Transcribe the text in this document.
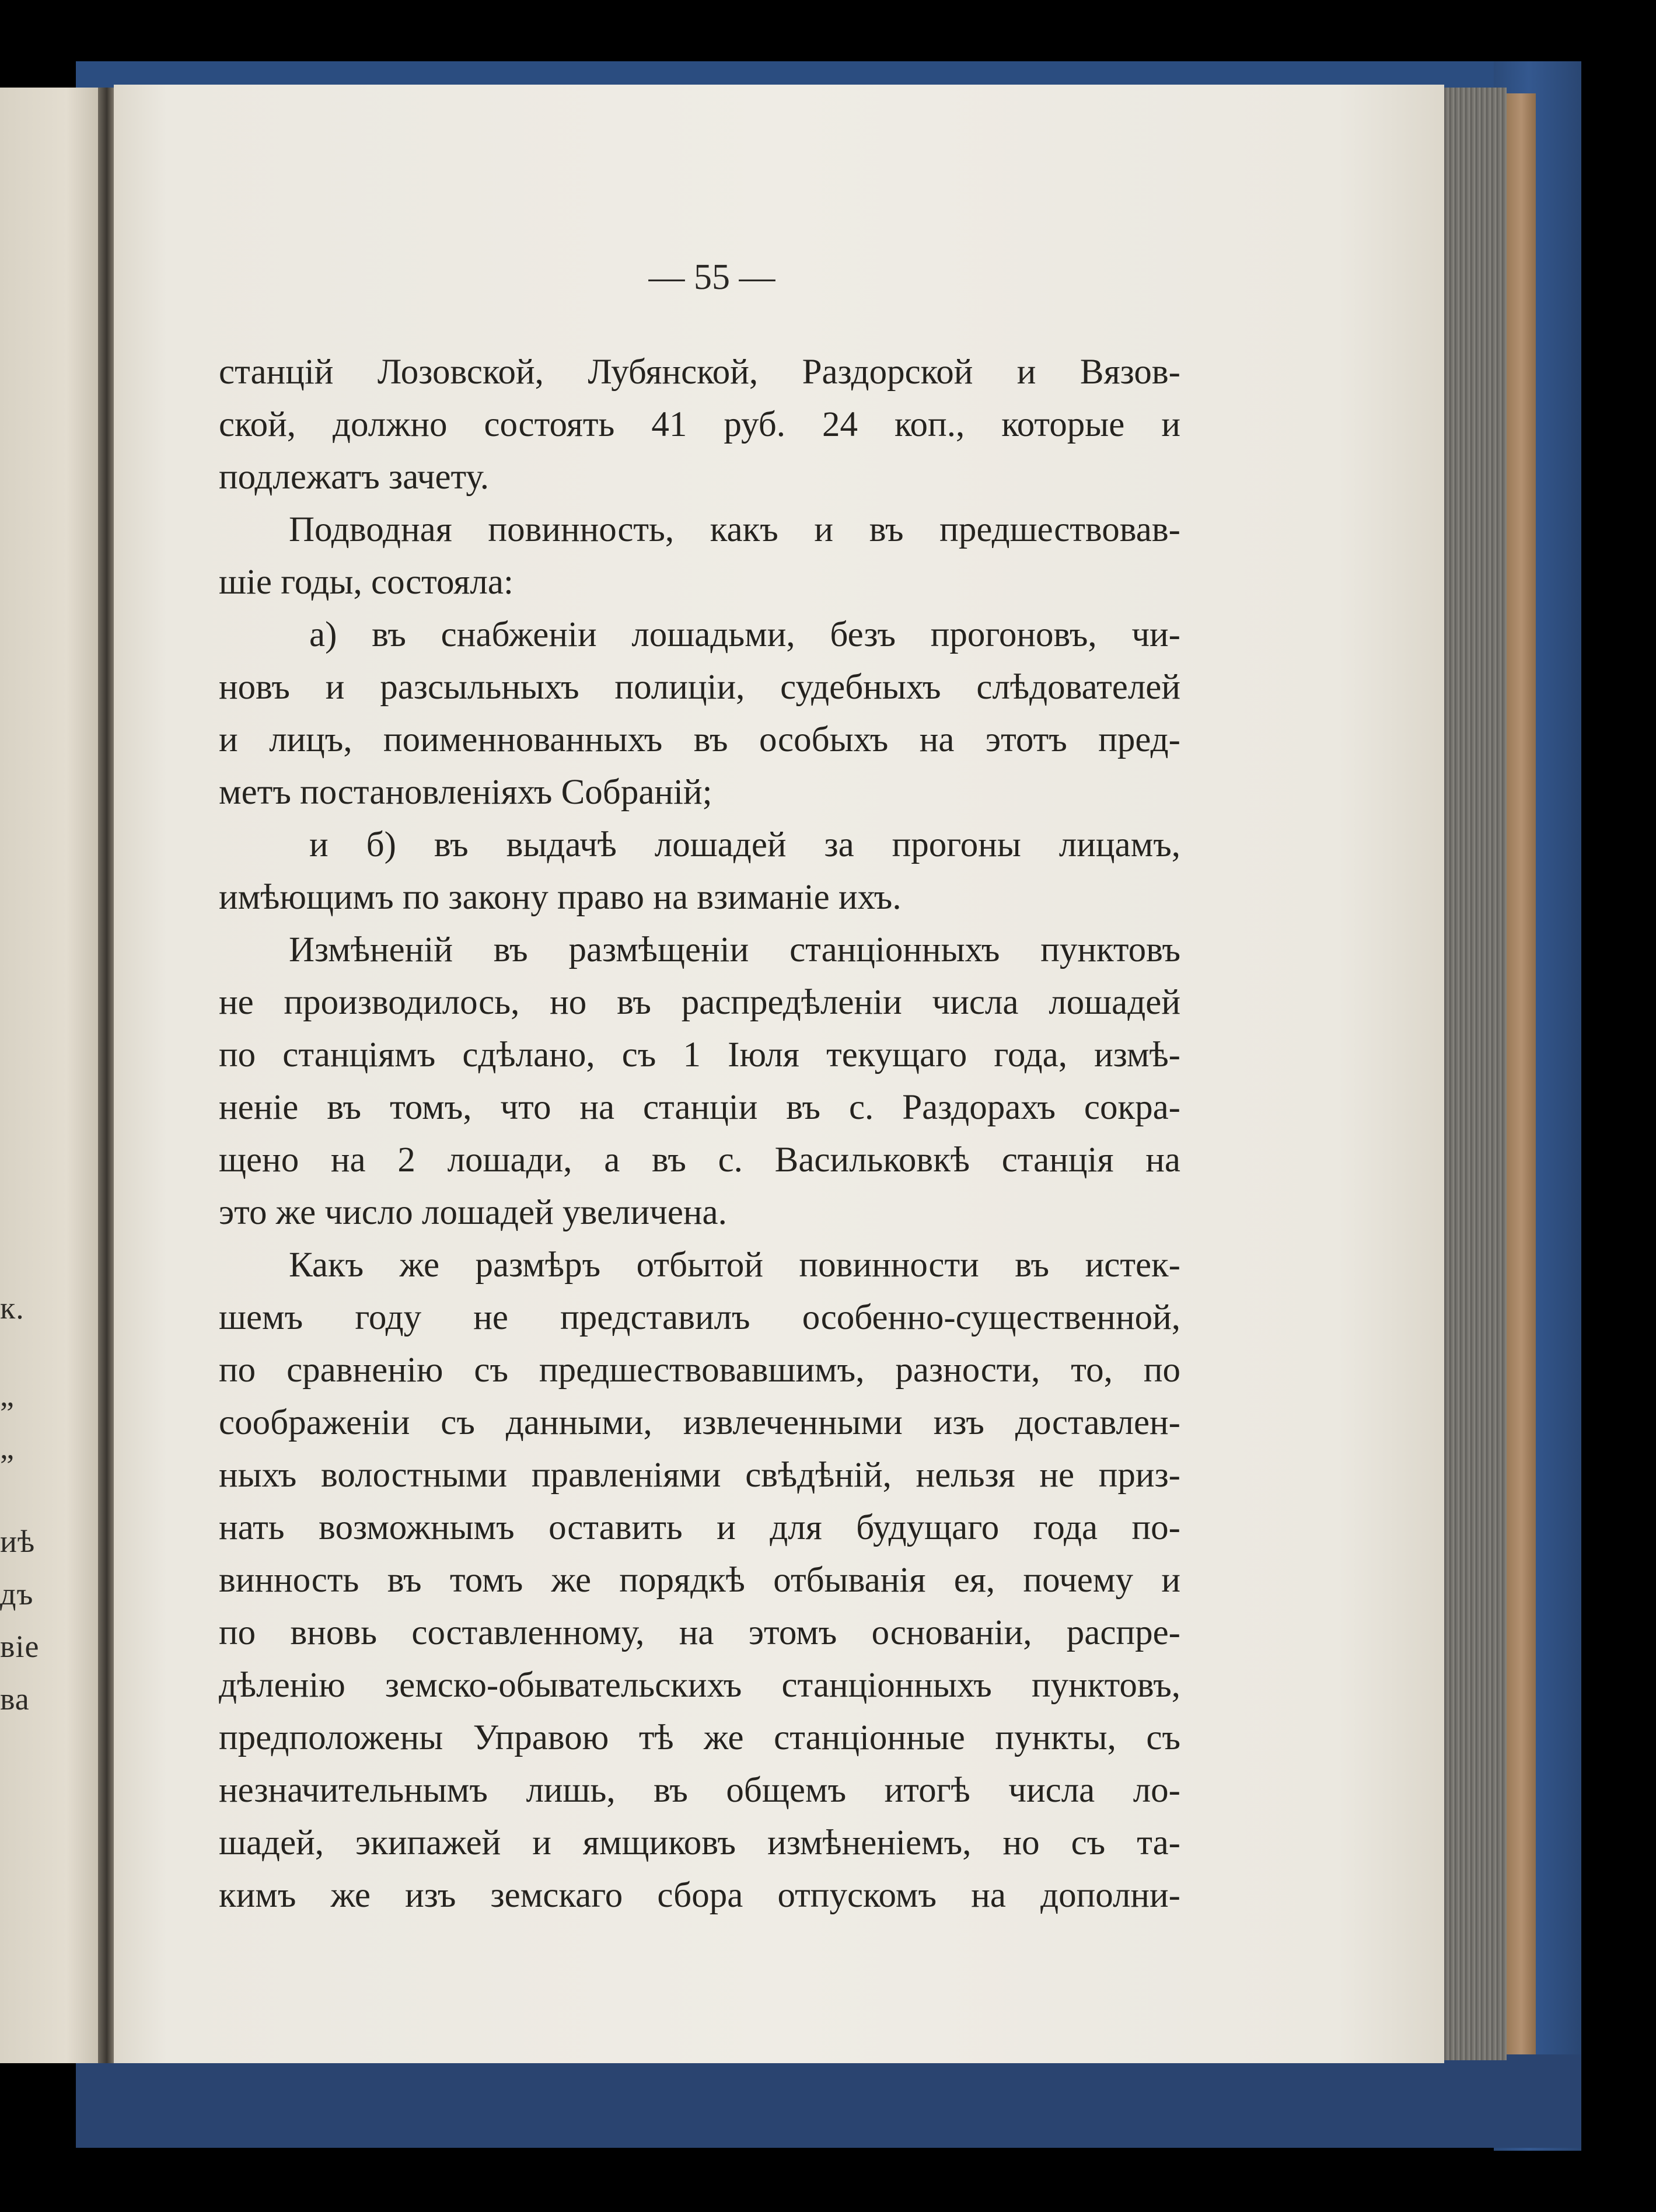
к.
”
”
иѣ
дъ
віе
ва
— 55 —

станцій Лозовской, Лубянской, Раздорской и Вязов-

ской, должно состоять 41 руб. 24 коп., которые и

подлежатъ зачету.

Подводная повинность, какъ и въ предшествовав-

шіе годы, состояла:

а) въ снабженіи лошадьми, безъ прогоновъ, чи-

новъ и разсыльныхъ полиціи, судебныхъ слѣдователей

и лицъ, поименнованныхъ въ особыхъ на этотъ пред-

метъ постановленіяхъ Собраній;

и б) въ выдачѣ лошадей за прогоны лицамъ,

имѣющимъ по закону право на взиманіе ихъ.

Измѣненій въ размѣщеніи станціонныхъ пунктовъ

не производилось, но въ распредѣленіи числа лошадей

по станціямъ сдѣлано, съ 1 Іюля текущаго года, измѣ-

неніе въ томъ, что на станціи въ с. Раздорахъ сокра-

щено на 2 лошади, а въ с. Васильковкѣ станція на

это же число лошадей увеличена.

Какъ же размѣръ отбытой повинности въ истек-

шемъ году не представилъ особенно-существенной,

по сравненію съ предшествовавшимъ, разности, то, по

соображеніи съ данными, извлеченными изъ доставлен-

ныхъ волостными правленіями свѣдѣній, нельзя не приз-

нать возможнымъ оставить и для будущаго года по-

винность въ томъ же порядкѣ отбыванія ея, почему и

по вновь составленному, на этомъ основаніи, распре-

дѣленію земско-обывательскихъ станціонныхъ пунктовъ,

предположены Управою тѣ же станціонные пункты, съ

незначительнымъ лишь, въ общемъ итогѣ числа ло-

шадей, экипажей и ямщиковъ измѣненіемъ, но съ та-

кимъ же изъ земскаго сбора отпускомъ на дополни-
